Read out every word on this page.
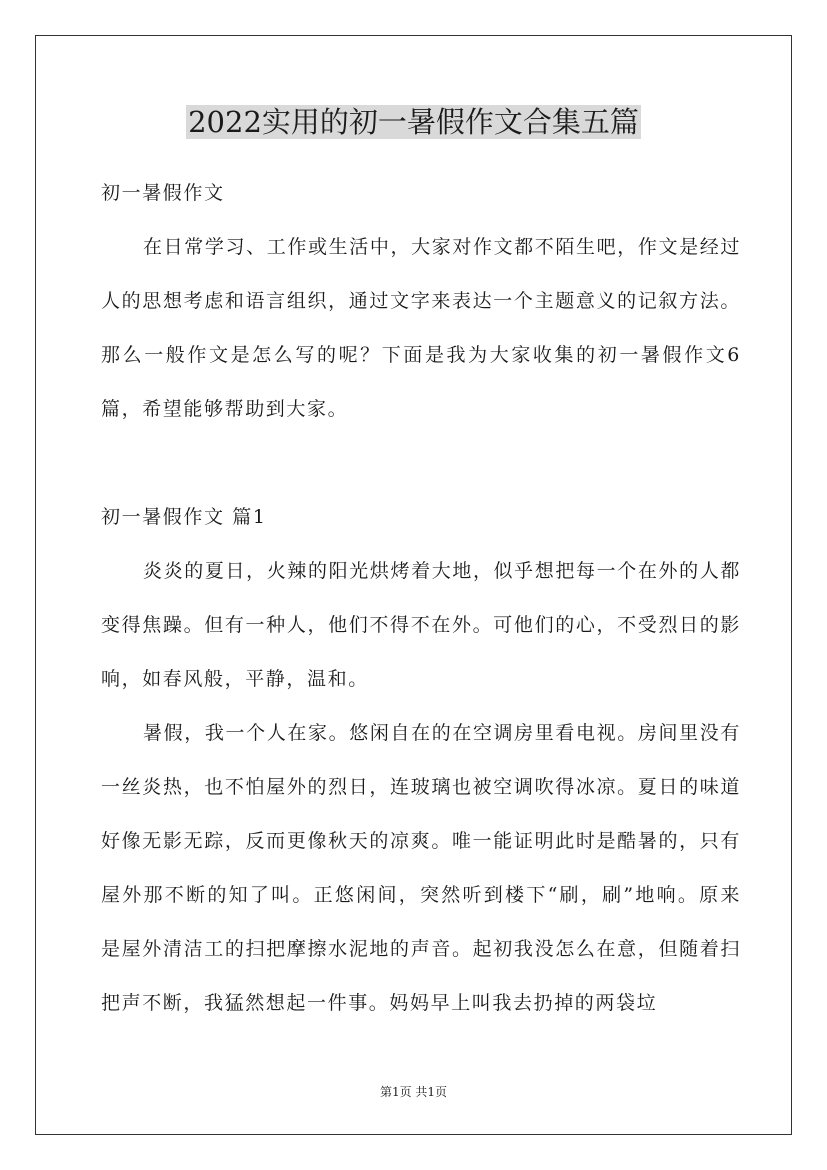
2022实用的初一暑假作文合集五篇

初一暑假作文

在日常学习、工作或生活中，大家对作文都不陌生吧，作文是经过人的思想考虑和语言组织，通过文字来表达一个主题意义的记叙方法。那么一般作文是怎么写的呢？下面是我为大家收集的初一暑假作文6篇，希望能够帮助到大家。

初一暑假作文 篇1

炎炎的夏日，火辣的阳光烘烤着大地，似乎想把每一个在外的人都变得焦躁。但有一种人，他们不得不在外。可他们的心，不受烈日的影响，如春风般，平静，温和。

暑假，我一个人在家。悠闲自在的在空调房里看电视。房间里没有一丝炎热，也不怕屋外的烈日，连玻璃也被空调吹得冰凉。夏日的味道好像无影无踪，反而更像秋天的凉爽。唯一能证明此时是酷暑的，只有屋外那不断的知了叫。正悠闲间，突然听到楼下“刷，刷”地响。原来是屋外清洁工的扫把摩擦水泥地的声音。起初我没怎么在意，但随着扫把声不断，我猛然想起一件事。妈妈早上叫我去扔掉的两袋垃

第1页 共1页
